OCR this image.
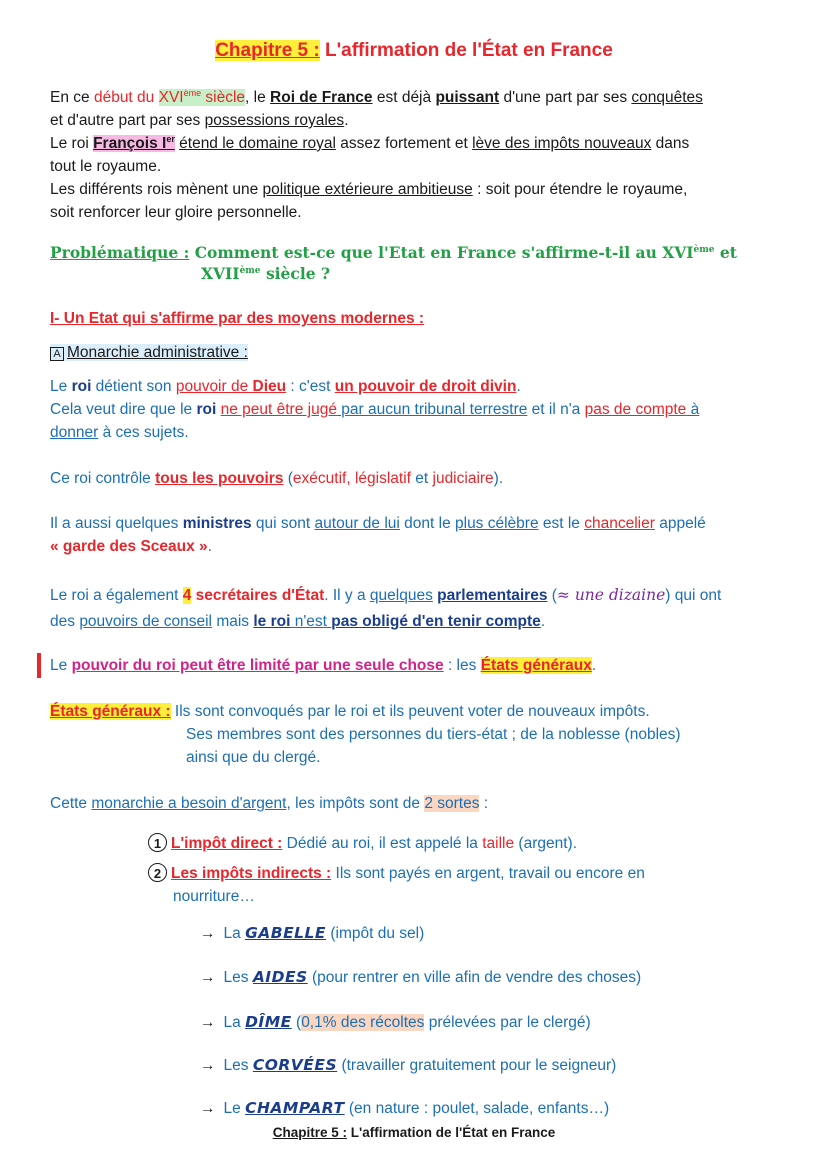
Chapitre 5 : L'affirmation de l'État en France
En ce début du XVIème siècle, le Roi de France est déjà puissant d'une part par ses conquêtes
et d'autre part par ses possessions royales.
Le roi François Ier étend le domaine royal assez fortement et lève des impôts nouveaux dans
tout le royaume.
Les différents rois mènent une politique extérieure ambitieuse : soit pour étendre le royaume,
soit renforcer leur gloire personnelle.
Problématique : Comment est-ce que l'Etat en France s'affirme-t-il au XVIème et
XVIIème siècle ?
I- Un Etat qui s'affirme par des moyens modernes :
A Monarchie administrative :
Le roi détient son pouvoir de Dieu : c'est un pouvoir de droit divin.
Cela veut dire que le roi ne peut être jugé par aucun tribunal terrestre et il n'a pas de compte à
donner à ces sujets.
Ce roi contrôle tous les pouvoirs (exécutif, législatif et judiciaire).
Il a aussi quelques ministres qui sont autour de lui dont le plus célèbre est le chancelier appelé
« garde des Sceaux ».
Le roi a également 4 secrétaires d'État. Il y a quelques parlementaires (≈ une dizaine) qui ont
des pouvoirs de conseil mais le roi n'est pas obligé d'en tenir compte.
Le pouvoir du roi peut être limité par une seule chose : les États généraux.
États généraux : Ils sont convoqués par le roi et ils peuvent voter de nouveaux impôts.
Ses membres sont des personnes du tiers-état ; de la noblesse (nobles)
ainsi que du clergé.
Cette monarchie a besoin d'argent, les impôts sont de 2 sortes :
1 L'impôt direct : Dédié au roi, il est appelé la taille (argent).
2 Les impôts indirects : Ils sont payés en argent, travail ou encore en
nourriture…
→ La GABELLE (impôt du sel)
→ Les AIDES (pour rentrer en ville afin de vendre des choses)
→ La DÎME (0,1% des récoltes prélevées par le clergé)
→ Les CORVÉES (travailler gratuitement pour le seigneur)
→ Le CHAMPART (en nature : poulet, salade, enfants…)
Chapitre 5 : L'affirmation de l'État en France
